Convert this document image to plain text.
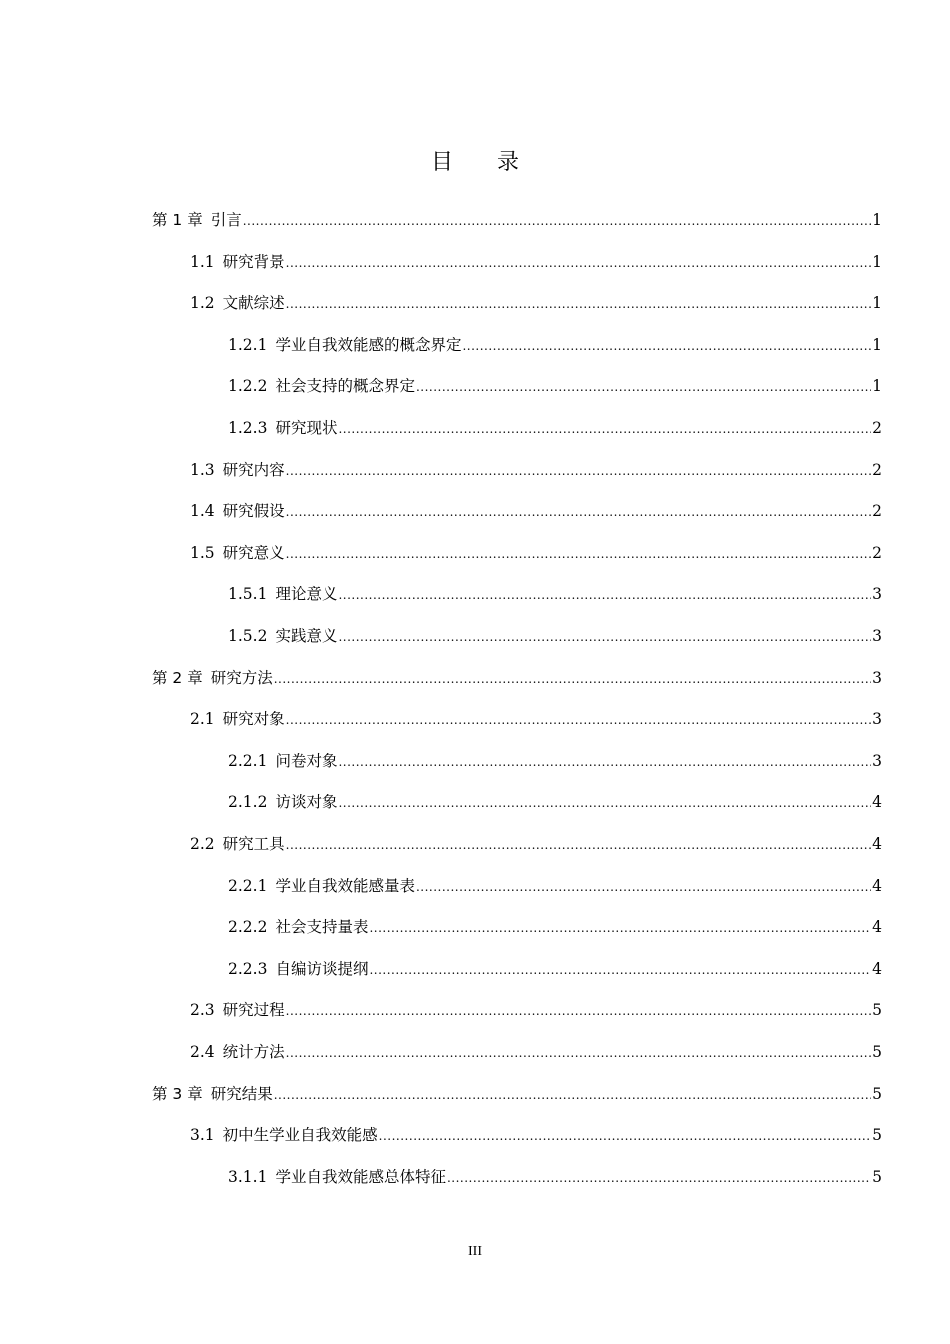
目　　录
第 1 章 引言 .....	1
1.1 研究背景 .....	1
1.2 文献综述 .....	1
1.2.1 学业自我效能感的概念界定 .....	1
1.2.2 社会支持的概念界定 .....	1
1.2.3 研究现状 .....	2
1.3 研究内容 .....	2
1.4 研究假设 .....	2
1.5 研究意义 .....	2
1.5.1 理论意义 .....	3
1.5.2 实践意义 .....	3
第 2 章 研究方法 .....	3
2.1 研究对象 .....	3
2.2.1 问卷对象 .....	3
2.1.2 访谈对象 .....	4
2.2 研究工具 .....	4
2.2.1 学业自我效能感量表 .....	4
2.2.2 社会支持量表 .....	4
2.2.3 自编访谈提纲 .....	4
2.3 研究过程 .....	5
2.4 统计方法 .....	5
第 3 章 研究结果 .....	5
3.1 初中生学业自我效能感 .....	5
3.1.1 学业自我效能感总体特征 .....	5
III
